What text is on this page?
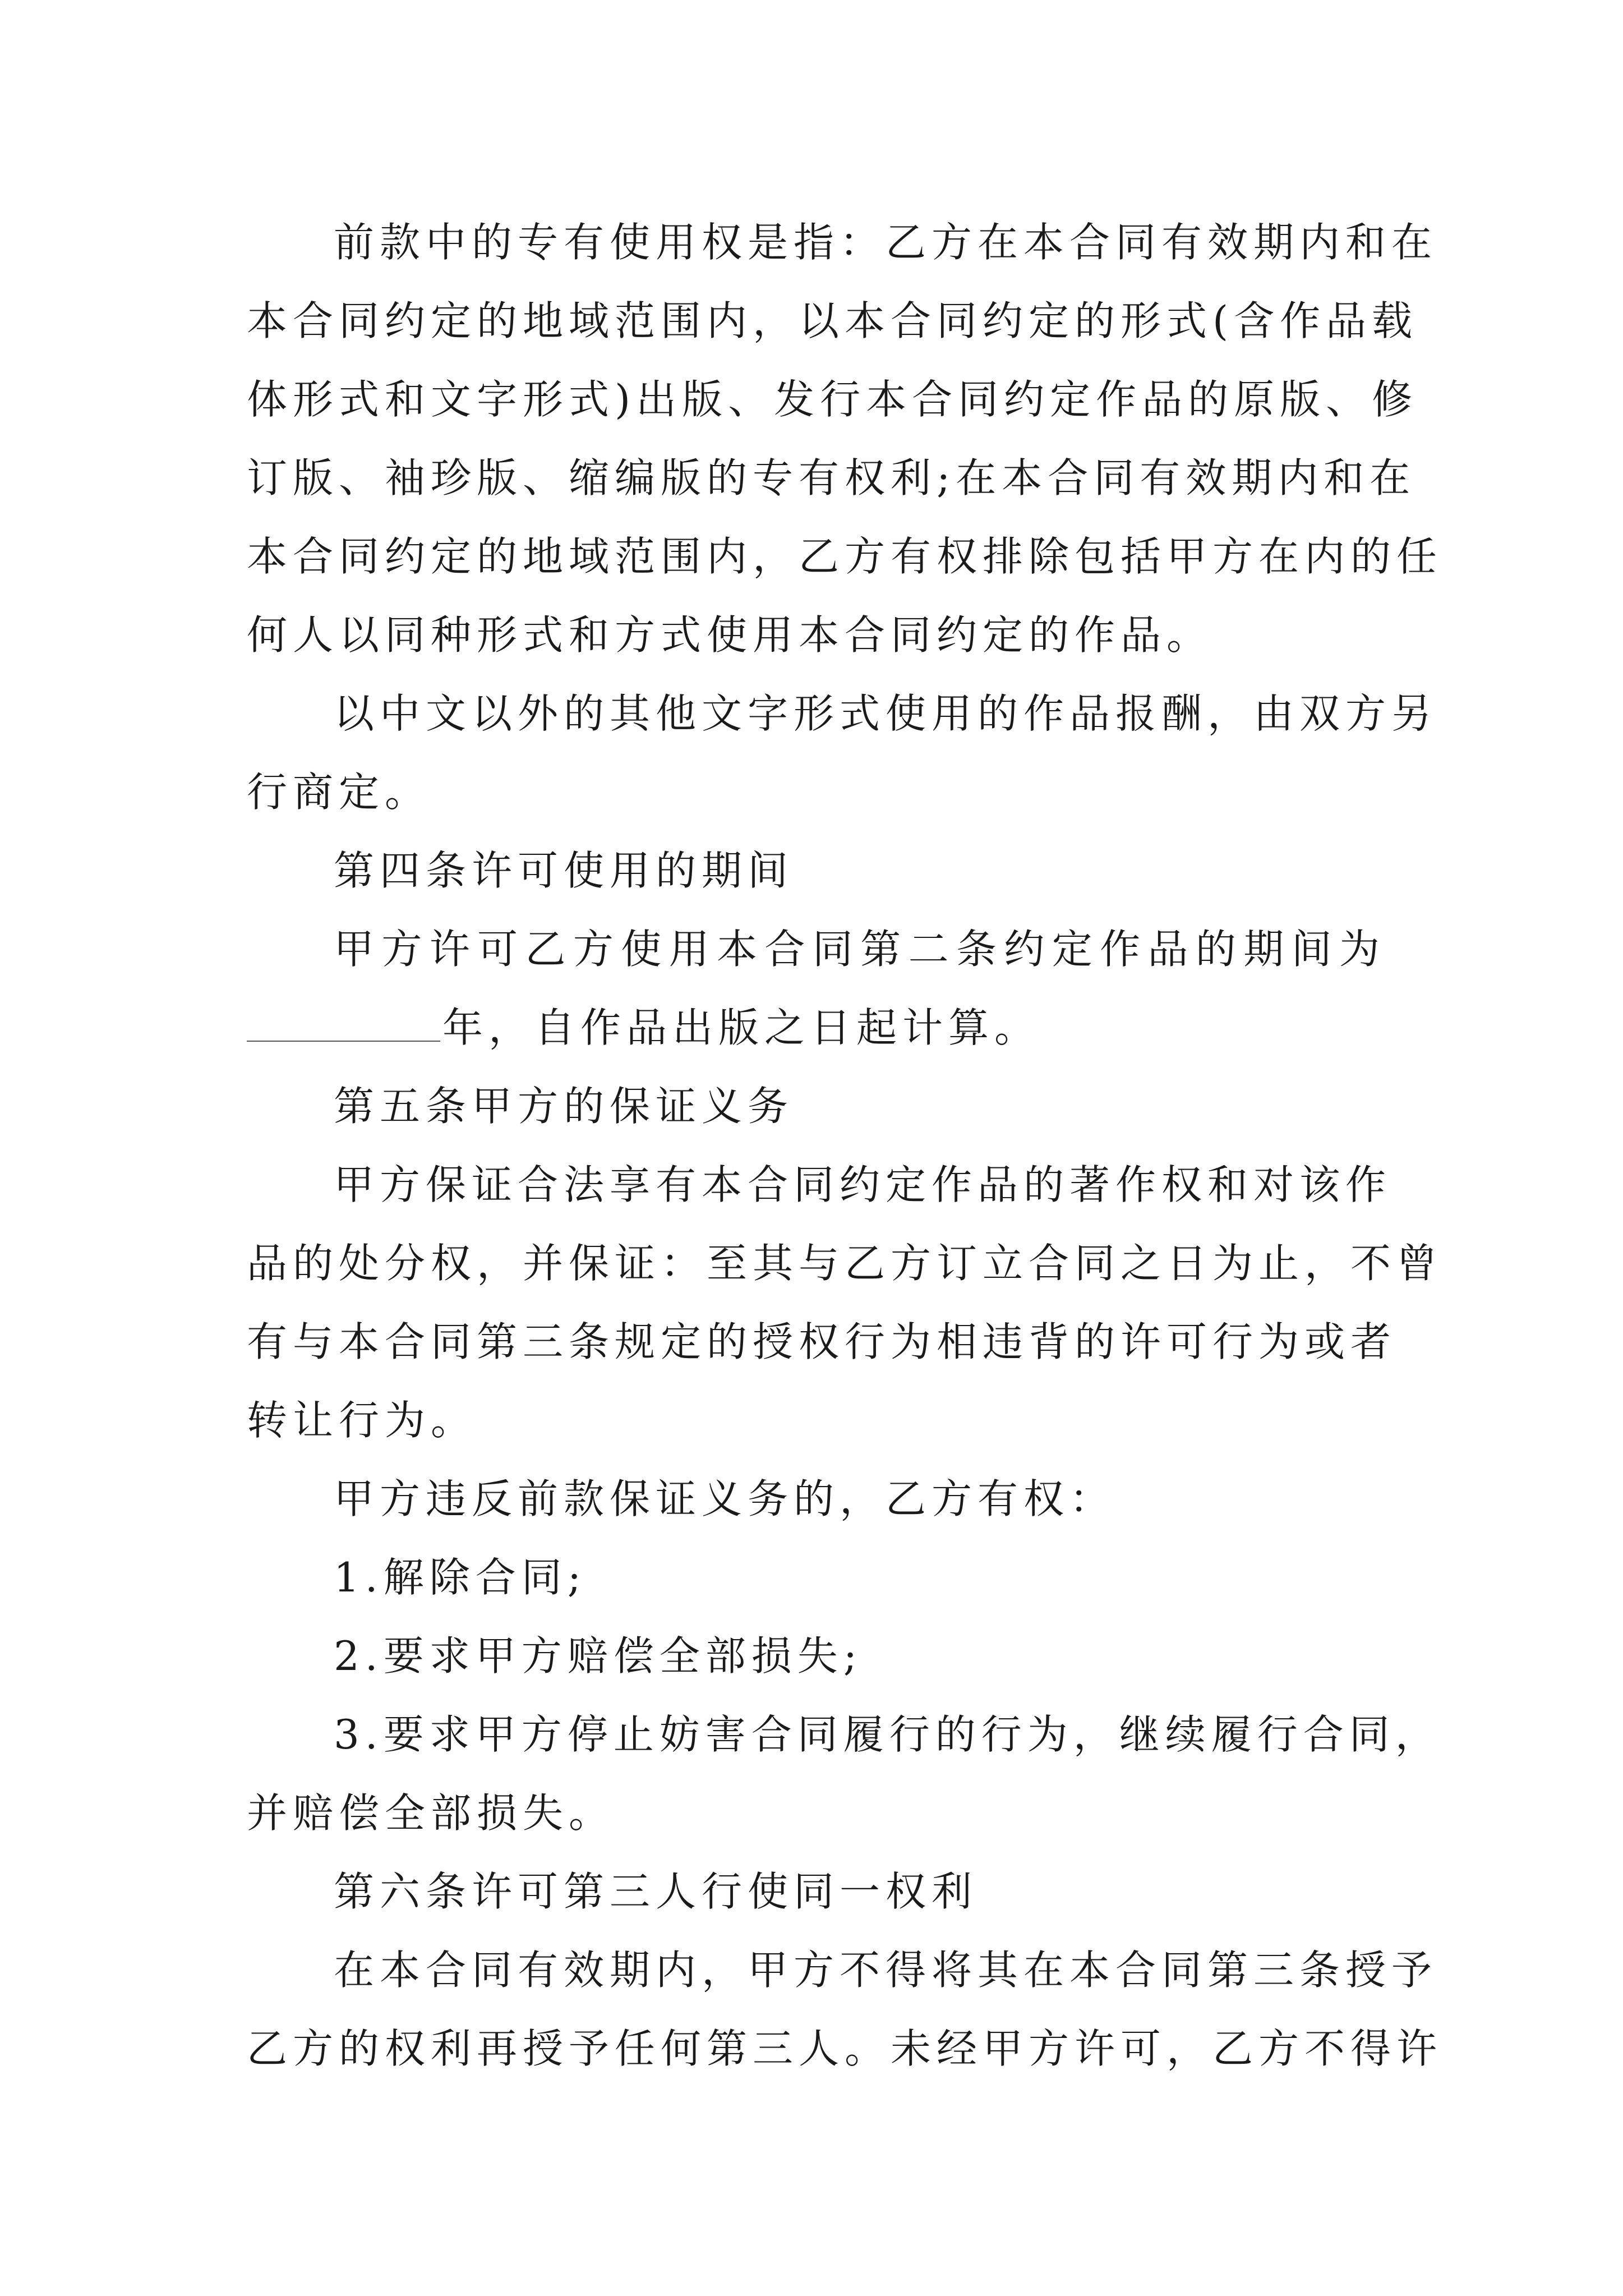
前款中的专有使用权是指：乙方在本合同有效期内和在
本合同约定的地域范围内，以本合同约定的形式(含作品载
体形式和文字形式)出版、发行本合同约定作品的原版、修
订版、袖珍版、缩编版的专有权利;在本合同有效期内和在
本合同约定的地域范围内，乙方有权排除包括甲方在内的任
何人以同种形式和方式使用本合同约定的作品。
以中文以外的其他文字形式使用的作品报酬，由双方另
行商定。
第四条许可使用的期间
甲方许可乙方使用本合同第二条约定作品的期间为
年，自作品出版之日起计算。
第五条甲方的保证义务
甲方保证合法享有本合同约定作品的著作权和对该作
品的处分权，并保证：至其与乙方订立合同之日为止，不曾
有与本合同第三条规定的授权行为相违背的许可行为或者
转让行为。
甲方违反前款保证义务的，乙方有权：
1.解除合同;
2.要求甲方赔偿全部损失;
3.要求甲方停止妨害合同履行的行为，继续履行合同，
并赔偿全部损失。
第六条许可第三人行使同一权利
在本合同有效期内，甲方不得将其在本合同第三条授予
乙方的权利再授予任何第三人。未经甲方许可，乙方不得许
